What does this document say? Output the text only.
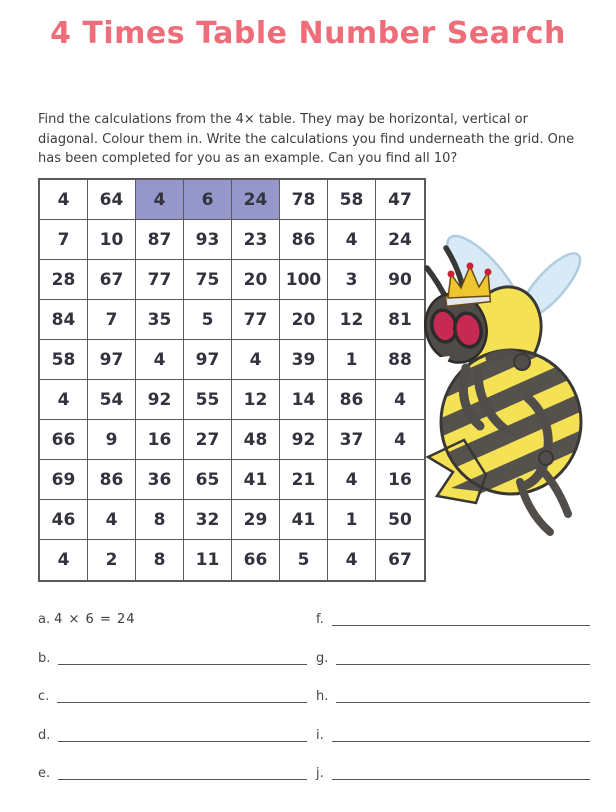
4 Times Table Number Search

Find the calculations from the 4× table. They may be horizontal, vertical or diagonal. Colour them in. Write the calculations you find underneath the grid. One has been completed for you as an example. Can you find all 10?

4	64	4	6	24	78	58	47
7	10	87	93	23	86	4	24
28	67	77	75	20	100	3	90
84	7	35	5	77	20	12	81
58	97	4	97	4	39	1	88
4	54	92	55	12	14	86	4
66	9	16	27	48	92	37	4
69	86	36	65	41	21	4	16
46	4	8	32	29	41	1	50
4	2	8	11	66	5	4	67
a. 4 × 6 = 24
b.
c.
d.
e.
f.
g.
h.
i.
j.
